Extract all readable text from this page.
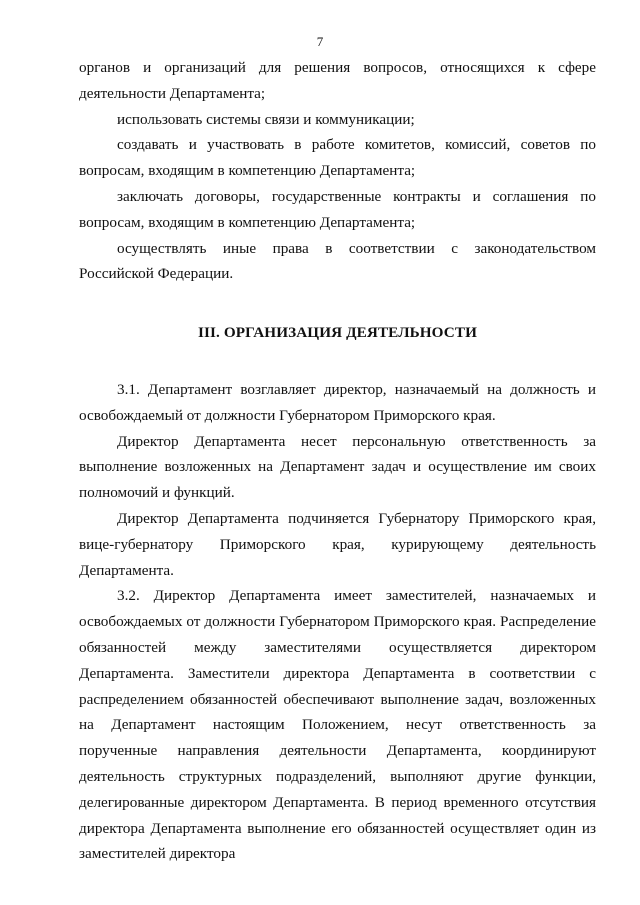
7

органов и организаций для решения вопросов, относящихся к сфере деятельности Департамента;

использовать системы связи и коммуникации;

создавать и участвовать в работе комитетов, комиссий, советов по вопросам, входящим в компетенцию Департамента;

заключать договоры, государственные контракты и соглашения по вопросам, входящим в компетенцию Департамента;

осуществлять иные права в соответствии с законодательством Российской Федерации.

III. ОРГАНИЗАЦИЯ ДЕЯТЕЛЬНОСТИ

3.1. Департамент возглавляет директор, назначаемый на должность и освобождаемый от должности Губернатором Приморского края.

Директор Департамента несет персональную ответственность за выполнение возложенных на Департамент задач и осуществление им своих полномочий и функций.

Директор Департамента подчиняется Губернатору Приморского края, вице-губернатору Приморского края, курирующему деятельность Департамента.

3.2. Директор Департамента имеет заместителей, назначаемых и освобождаемых от должности Губернатором Приморского края. Распределение обязанностей между заместителями осуществляется директором Департамента. Заместители директора Департамента в соответствии с распределением обязанностей обеспечивают выполнение задач, возложенных на Департамент настоящим Положением, несут ответственность за порученные направления деятельности Департамента, координируют деятельность структурных подразделений, выполняют другие функции, делегированные директором Департамента. В период временного отсутствия директора Департамента выполнение его обязанностей осуществляет один из заместителей директора
